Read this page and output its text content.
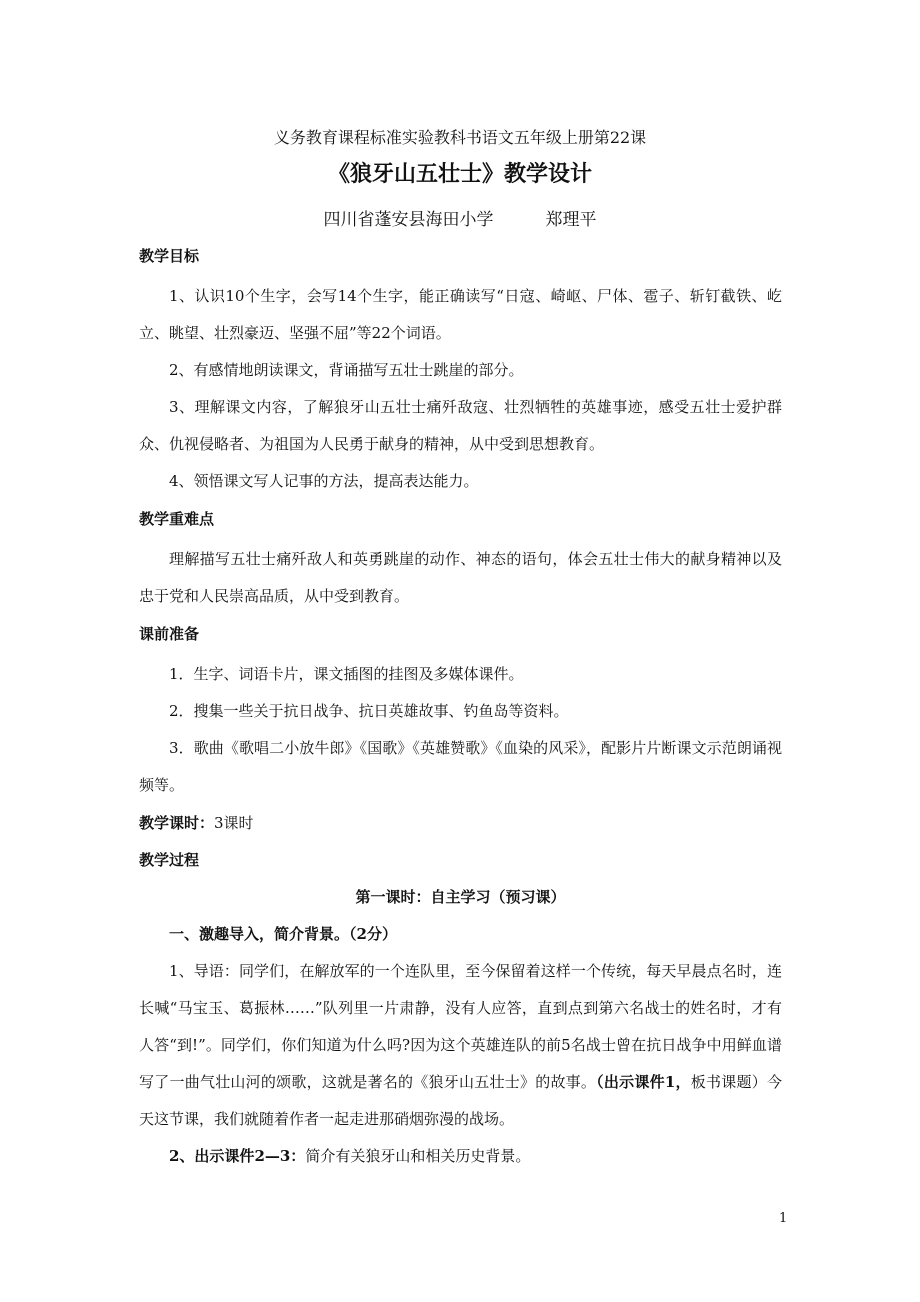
义务教育课程标准实验教科书语文五年级上册第22课
《狼牙山五壮士》教学设计
四川省蓬安县海田小学	郑理平
教学目标

1、认识10个生字，会写14个生字，能正确读写“日寇、崎岖、尸体、雹子、斩钉截铁、屹立、眺望、壮烈豪迈、坚强不屈”等22个词语。

2、有感情地朗读课文，背诵描写五壮士跳崖的部分。

3、理解课文内容，了解狼牙山五壮士痛歼敌寇、壮烈牺牲的英雄事迹，感受五壮士爱护群众、仇视侵略者、为祖国为人民勇于献身的精神，从中受到思想教育。

4、领悟课文写人记事的方法，提高表达能力。

教学重难点

理解描写五壮士痛歼敌人和英勇跳崖的动作、神态的语句，体会五壮士伟大的献身精神以及忠于党和人民崇高品质，从中受到教育。

课前准备

1．生字、词语卡片，课文插图的挂图及多媒体课件。

2．搜集一些关于抗日战争、抗日英雄故事、钓鱼岛等资料。

3．歌曲《歌唱二小放牛郎》《国歌》《英雄赞歌》《血染的风采》，配影片片断课文示范朗诵视频等。

教学课时：3课时
教学过程

第一课时：自主学习（预习课）

一、激趣导入，简介背景。（2分）

1、导语：同学们，在解放军的一个连队里，至今保留着这样一个传统，每天早晨点名时，连长喊“马宝玉、葛振林……”队列里一片肃静，没有人应答，直到点到第六名战士的姓名时，才有人答“到!”。同学们，你们知道为什么吗?因为这个英雄连队的前5名战士曾在抗日战争中用鲜血谱写了一曲气壮山河的颂歌，这就是著名的《狼牙山五壮士》的故事。（出示课件1，板书课题）今天这节课，我们就随着作者一起走进那硝烟弥漫的战场。

2、出示课件2—3：简介有关狼牙山和相关历史背景。

1
